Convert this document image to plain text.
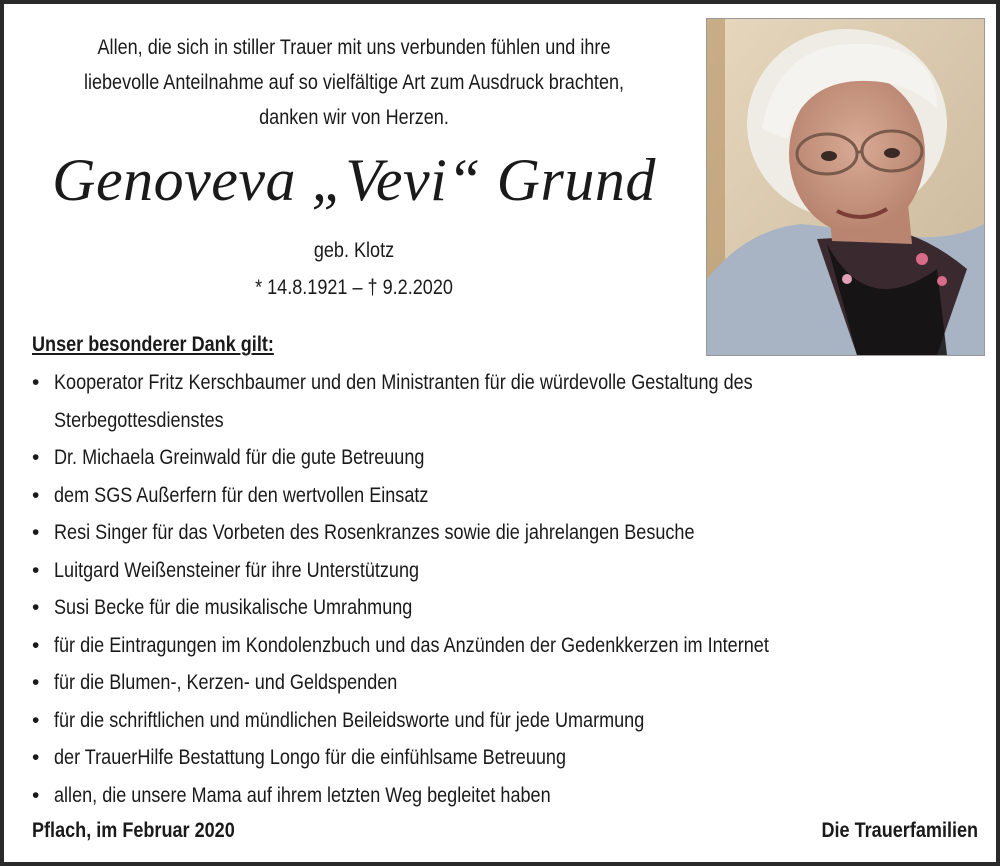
Allen, die sich in stiller Trauer mit uns verbunden fühlen und ihre
liebevolle Anteilnahme auf so vielfältige Art zum Ausdruck brachten,
danken wir von Herzen.
Genoveva „Vevi“ Grund
geb. Klotz
* 14.8.1921 – † 9.2.2020
Unser besonderer Dank gilt:
• Kooperator Fritz Kerschbaumer und den Ministranten für die würdevolle Gestaltung des
Sterbegottesdienstes
• Dr. Michaela Greinwald für die gute Betreuung
• dem SGS Außerfern für den wertvollen Einsatz
• Resi Singer für das Vorbeten des Rosenkranzes sowie die jahrelangen Besuche
• Luitgard Weißensteiner für ihre Unterstützung
• Susi Becke für die musikalische Umrahmung
• für die Eintragungen im Kondolenzbuch und das Anzünden der Gedenkkerzen im Internet
• für die Blumen-, Kerzen- und Geldspenden
• für die schriftlichen und mündlichen Beileidsworte und für jede Umarmung
• der TrauerHilfe Bestattung Longo für die einfühlsame Betreuung
• allen, die unsere Mama auf ihrem letzten Weg begleitet haben
Pflach, im Februar 2020	Die Trauerfamilien
